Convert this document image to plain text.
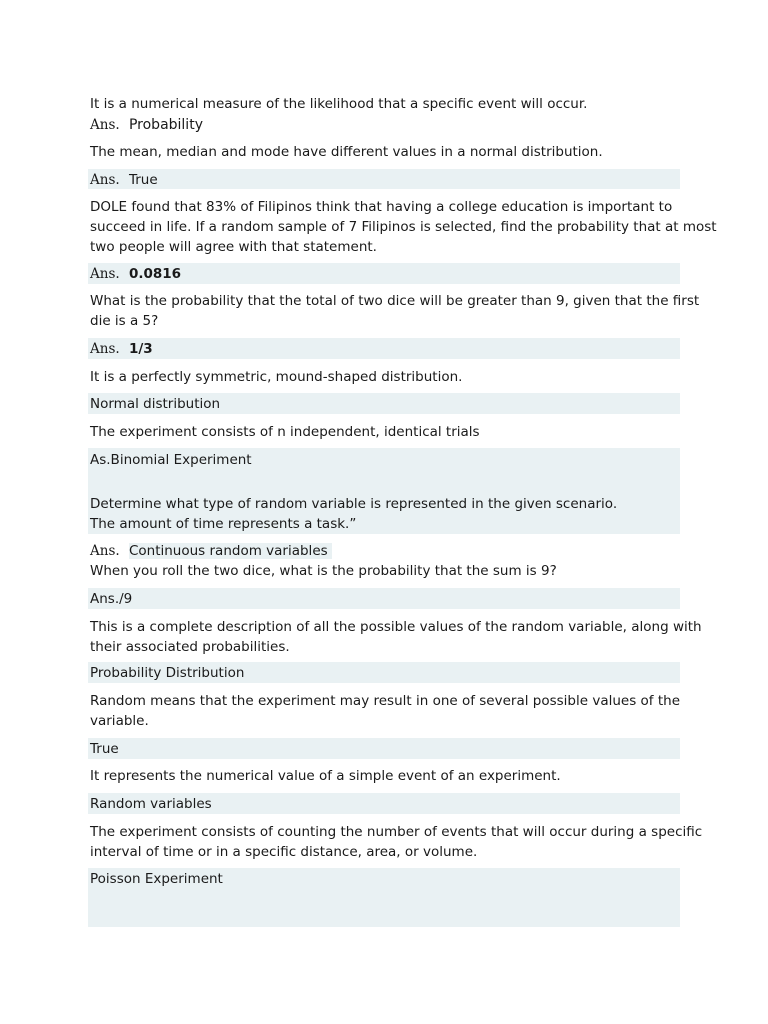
It is a numerical measure of the likelihood that a specific event will occur.
Ans. Probability
The mean, median and mode have different values in a normal distribution.
Ans. True
DOLE found that 83% of Filipinos think that having a college education is important to
succeed in life. If a random sample of 7 Filipinos is selected, find the probability that at most
two people will agree with that statement.
Ans. 0.0816
What is the probability that the total of two dice will be greater than 9, given that the first
die is a 5?
Ans. 1/3
It is a perfectly symmetric, mound-shaped distribution.
Normal distribution
The experiment consists of n independent, identical trials
As.Binomial Experiment
Determine what type of random variable is represented in the given scenario.
The amount of time represents a task.”
Ans. Continuous random variables
When you roll the two dice, what is the probability that the sum is 9?
Ans./9
This is a complete description of all the possible values of the random variable, along with
their associated probabilities.
Probability Distribution
Random means that the experiment may result in one of several possible values of the
variable.
True
It represents the numerical value of a simple event of an experiment.
Random variables
The experiment consists of counting the number of events that will occur during a specific
interval of time or in a specific distance, area, or volume.
Poisson Experiment
